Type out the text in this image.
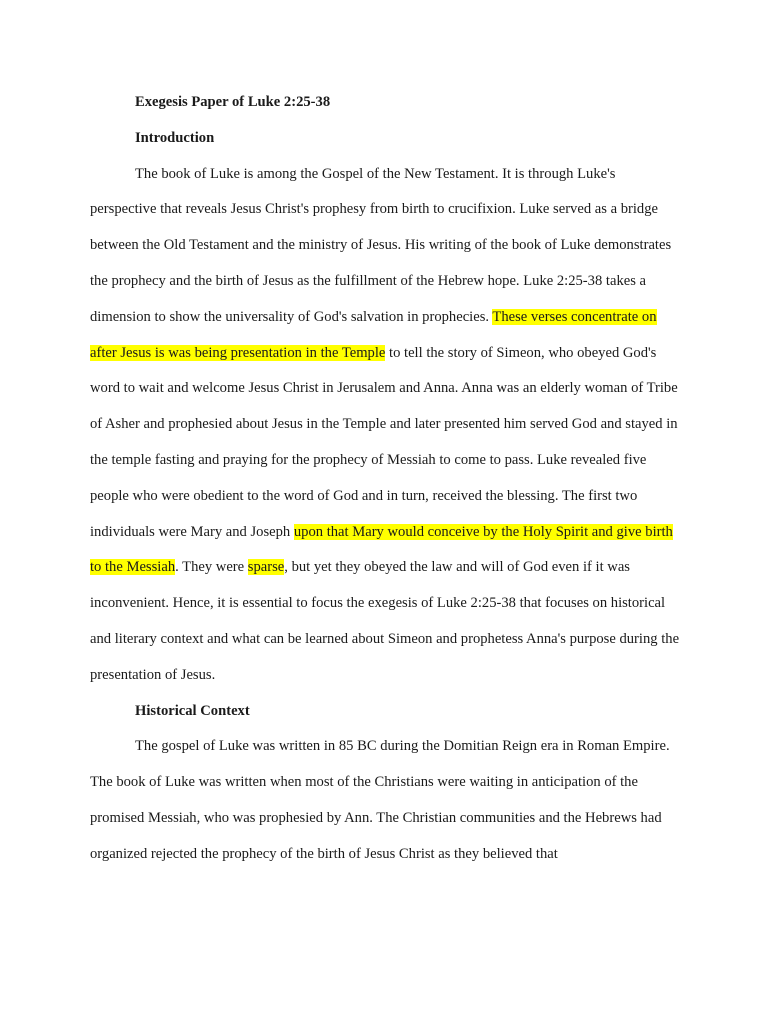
Exegesis Paper of Luke 2:25-38

Introduction

The book of Luke is among the Gospel of the New Testament. It is through Luke's perspective that reveals Jesus Christ's prophesy from birth to crucifixion. Luke served as a bridge between the Old Testament and the ministry of Jesus. His writing of the book of Luke demonstrates the prophecy and the birth of Jesus as the fulfillment of the Hebrew hope. Luke 2:25-38 takes a dimension to show the universality of God's salvation in prophecies. These verses concentrate on after Jesus is was being presentation in the Temple to tell the story of Simeon, who obeyed God's word to wait and welcome Jesus Christ in Jerusalem and Anna. Anna was an elderly woman of Tribe of Asher and prophesied about Jesus in the Temple and later presented him served God and stayed in the temple fasting and praying for the prophecy of Messiah to come to pass. Luke revealed five people who were obedient to the word of God and in turn, received the blessing. The first two individuals were Mary and Joseph upon that Mary would conceive by the Holy Spirit and give birth to the Messiah. They were sparse, but yet they obeyed the law and will of God even if it was inconvenient. Hence, it is essential to focus the exegesis of Luke 2:25-38 that focuses on historical and literary context and what can be learned about Simeon and prophetess Anna's purpose during the presentation of Jesus.

Historical Context

The gospel of Luke was written in 85 BC during the Domitian Reign era in Roman Empire. The book of Luke was written when most of the Christians were waiting in anticipation of the promised Messiah, who was prophesied by Ann. The Christian communities and the Hebrews had organized rejected the prophecy of the birth of Jesus Christ as they believed that
